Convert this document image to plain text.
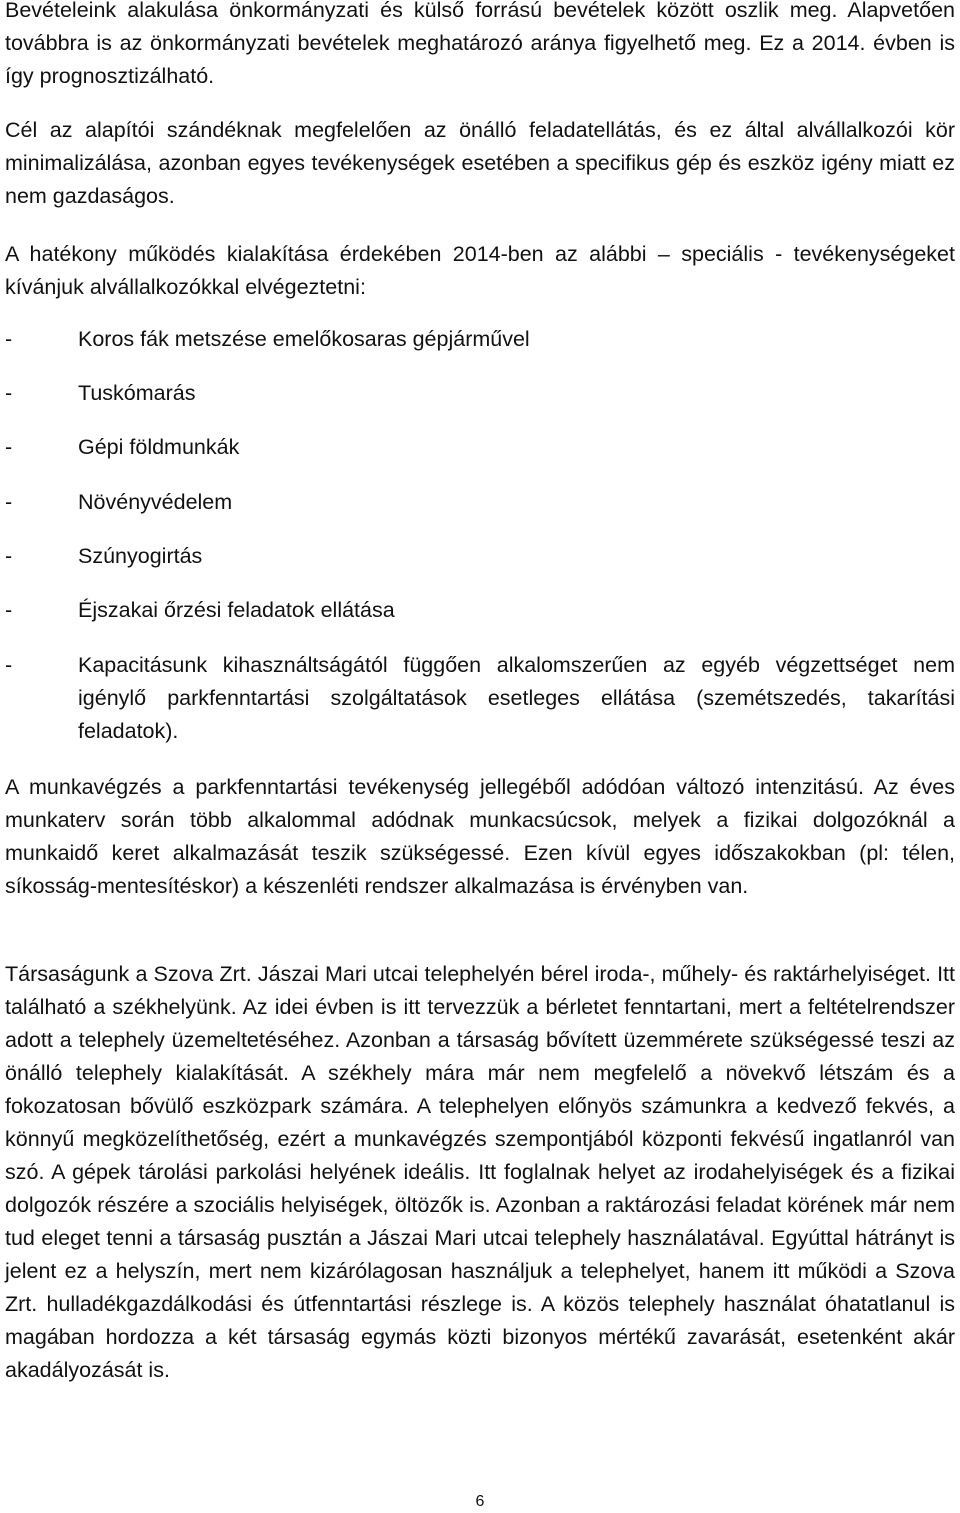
Bevételeink alakulása önkormányzati és külső forrású bevételek között oszlik meg. Alapvetően továbbra is az önkormányzati bevételek meghatározó aránya figyelhető meg. Ez a 2014. évben is így prognosztizálható.

Cél az alapítói szándéknak megfelelően az önálló feladatellátás, és ez által alvállalkozói kör minimalizálása, azonban egyes tevékenységek esetében a specifikus gép és eszköz igény miatt ez nem gazdaságos.

A hatékony működés kialakítása érdekében 2014-ben az alábbi – speciális - tevékenységeket kívánjuk alvállalkozókkal elvégeztetni:

-	Koros fák metszése emelőkosaras gépjárművel
-	Tuskómarás
-	Gépi földmunkák
-	Növényvédelem
-	Szúnyogirtás
-	Éjszakai őrzési feladatok ellátása
-	Kapacitásunk kihasználtságától függően alkalomszerűen az egyéb végzettséget nem igénylő parkfenntartási szolgáltatások esetleges ellátása (szemétszedés, takarítási feladatok).

A munkavégzés a parkfenntartási tevékenység jellegéből adódóan változó intenzitású. Az éves munkaterv során több alkalommal adódnak munkacsúcsok, melyek a fizikai dolgozóknál a munkaidő keret alkalmazását teszik szükségessé. Ezen kívül egyes időszakokban (pl: télen, síkosság-mentesítéskor) a készenléti rendszer alkalmazása is érvényben van.

Társaságunk a Szova Zrt. Jászai Mari utcai telephelyén bérel iroda-, műhely- és raktárhelyiséget. Itt található a székhelyünk. Az idei évben is itt tervezzük a bérletet fenntartani, mert a feltételrendszer adott a telephely üzemeltetéséhez. Azonban a társaság bővített üzemmérete szükségessé teszi az önálló telephely kialakítását. A székhely mára már nem megfelelő a növekvő létszám és a fokozatosan bővülő eszközpark számára. A telephelyen előnyös számunkra a kedvező fekvés, a könnyű megközelíthetőség, ezért a munkavégzés szempontjából központi fekvésű ingatlanról van szó. A gépek tárolási parkolási helyének ideális. Itt foglalnak helyet az irodahelyiségek és a fizikai dolgozók részére a szociális helyiségek, öltözők is. Azonban a raktározási feladat körének már nem tud eleget tenni a társaság pusztán a Jászai Mari utcai telephely használatával. Egyúttal hátrányt is jelent ez a helyszín, mert nem kizárólagosan használjuk a telephelyet, hanem itt működi a Szova Zrt. hulladékgazdálkodási és útfenntartási részlege is. A közös telephely használat óhatatlanul is magában hordozza a két társaság egymás közti bizonyos mértékű zavarását, esetenként akár akadályozását is.

6
